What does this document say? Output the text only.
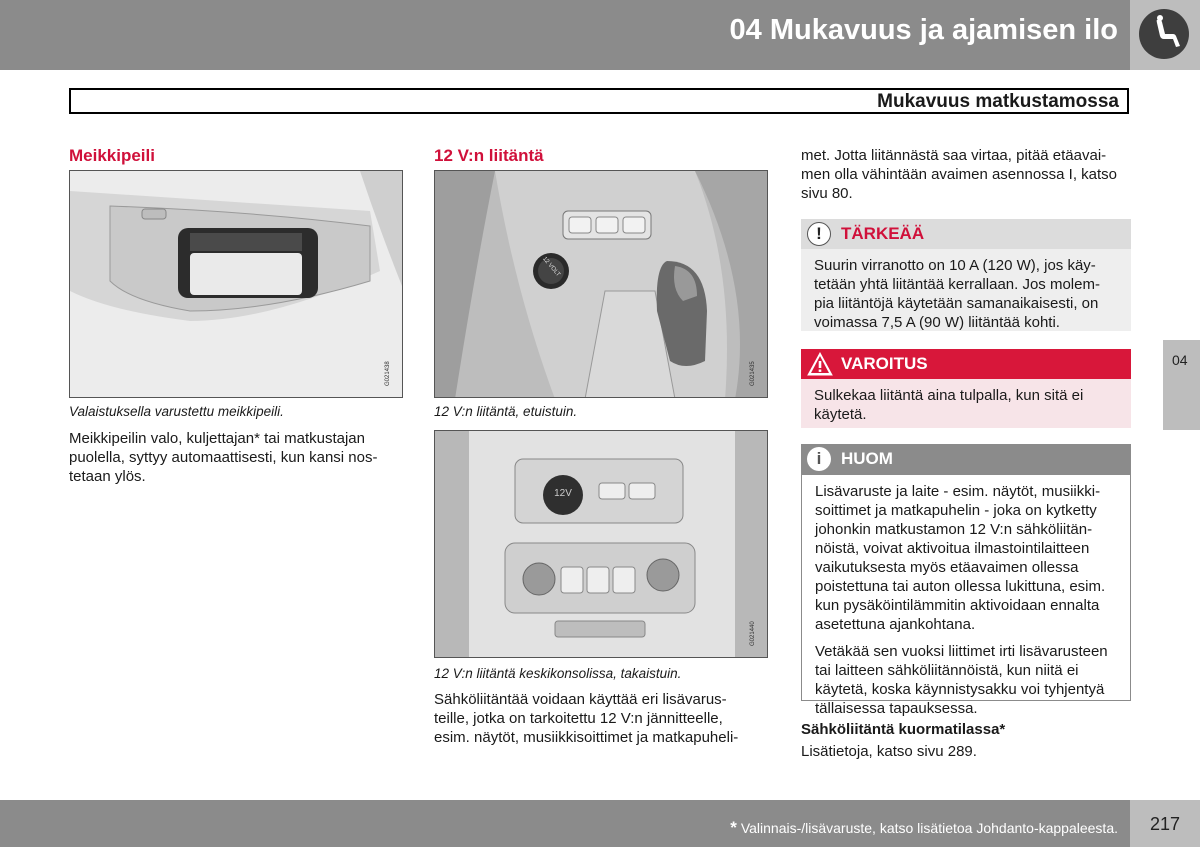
04 Mukavuus ja ajamisen ilo
Mukavuus matkustamossa
Meikkipeili
G021438
Valaistuksella varustettu meikkipeili.
Meikkipeilin valo, kuljettajan* tai matkustajan
puolella, syttyy automaattisesti, kun kansi nos-
tetaan ylös.
12 V:n liitäntä
12 VOLT
G021435
12 V:n liitäntä, etuistuin.
12V
G021440
12 V:n liitäntä keskikonsolissa, takaistuin.
Sähköliitäntää voidaan käyttää eri lisävarus-
teille, jotka on tarkoitettu 12 V:n jännitteelle,
esim. näytöt, musiikkisoittimet ja matkapuheli-
met. Jotta liitännästä saa virtaa, pitää etäavai-
men olla vähintään avaimen asennossa I, katso
sivu 80.
!	TÄRKEÄÄ
Suurin virranotto on 10 A (120 W), jos käy-
tetään yhtä liitäntää kerrallaan. Jos molem-
pia liitäntöjä käytetään samanaikaisesti, on
voimassa 7,5 A (90 W) liitäntää kohti.
VAROITUS
Sulkekaa liitäntä aina tulpalla, kun sitä ei
käytetä.
i	HUOM
Lisävaruste ja laite - esim. näytöt, musiikki-
soittimet ja matkapuhelin - joka on kytketty
johonkin matkustamon 12 V:n sähköliitän-
nöistä, voivat aktivoitua ilmastointilaitteen
vaikutuksesta myös etäavaimen ollessa
poistettuna tai auton ollessa lukittuna, esim.
kun pysäköintilämmitin aktivoidaan ennalta
asetettuna ajankohtana.
Vetäkää sen vuoksi liittimet irti lisävarusteen
tai laitteen sähköliitännöistä, kun niitä ei
käytetä, koska käynnistysakku voi tyhjentyä
tällaisessa tapauksessa.
Sähköliitäntä kuormatilassa*
Lisätietoja, katso sivu 289.
04
217
* Valinnais-/lisävaruste, katso lisätietoa Johdanto-kappaleesta.
